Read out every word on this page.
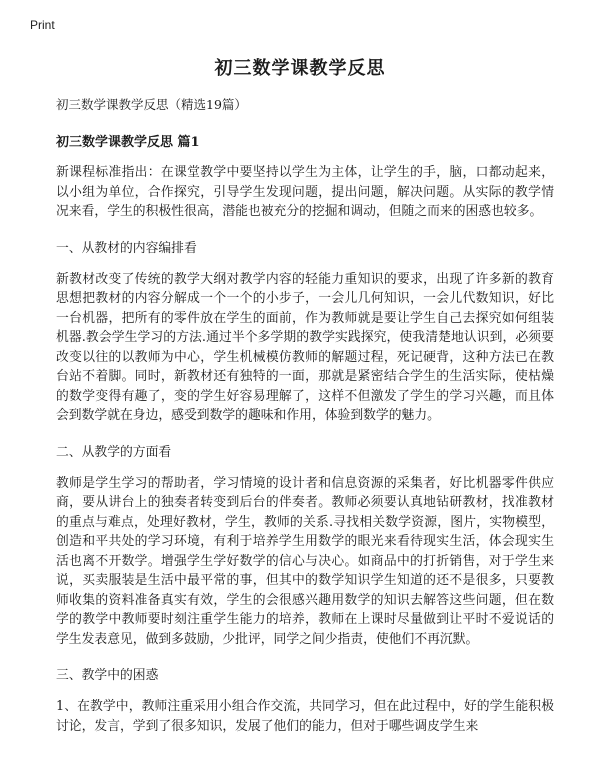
Print
初三数学课教学反思
初三数学课教学反思（精选19篇）
初三数学课教学反思 篇1

新课程标准指出：在课堂教学中要坚持以学生为主体，让学生的手，脑，口都动起来，以小组为单位，合作探究，引导学生发现问题，提出问题，解决问题。从实际的教学情况来看，学生的积极性很高，潜能也被充分的挖掘和调动，但随之而来的困惑也较多。

一、从教材的内容编排看

新教材改变了传统的教学大纲对教学内容的轻能力重知识的要求，出现了许多新的教育思想把教材的内容分解成一个一个的小步子，一会儿几何知识，一会儿代数知识，好比一台机器，把所有的零件放在学生的面前，作为教师就是要让学生自己去探究如何组装机器.教会学生学习的方法.通过半个多学期的教学实践探究，使我清楚地认识到，必须要改变以往的以教师为中心，学生机械模仿教师的解题过程，死记硬背，这种方法已在教台站不着脚。同时，新教材还有独特的一面，那就是紧密结合学生的生活实际，使枯燥的数学变得有趣了，变的学生好容易理解了，这样不但激发了学生的学习兴趣，而且体会到数学就在身边，感受到数学的趣味和作用，体验到数学的魅力。

二、从教学的方面看

教师是学生学习的帮助者，学习情境的设计者和信息资源的采集者，好比机器零件供应商，要从讲台上的独奏者转变到后台的伴奏者。教师必须要认真地钻研教材，找准教材的重点与难点，处理好教材，学生，教师的关系.寻找相关数学资源，图片，实物模型，创造和平共处的学习环境，有利于培养学生用数学的眼光来看待现实生活，体会现实生活也离不开数学。增强学生学好数学的信心与决心。如商品中的打折销售，对于学生来说，买卖服装是生活中最平常的事，但其中的数学知识学生知道的还不是很多，只要教师收集的资料准备真实有效，学生的会很感兴趣用数学的知识去解答这些问题，但在数学的教学中教师要时刻注重学生能力的培养，教师在上课时尽量做到让平时不爱说话的学生发表意见，做到多鼓励，少批评，同学之间少指责，使他们不再沉默。

三、教学中的困惑

1、在教学中，教师注重采用小组合作交流，共同学习，但在此过程中，好的学生能积极讨论，发言，学到了很多知识，发展了他们的能力，但对于哪些调皮学生来
